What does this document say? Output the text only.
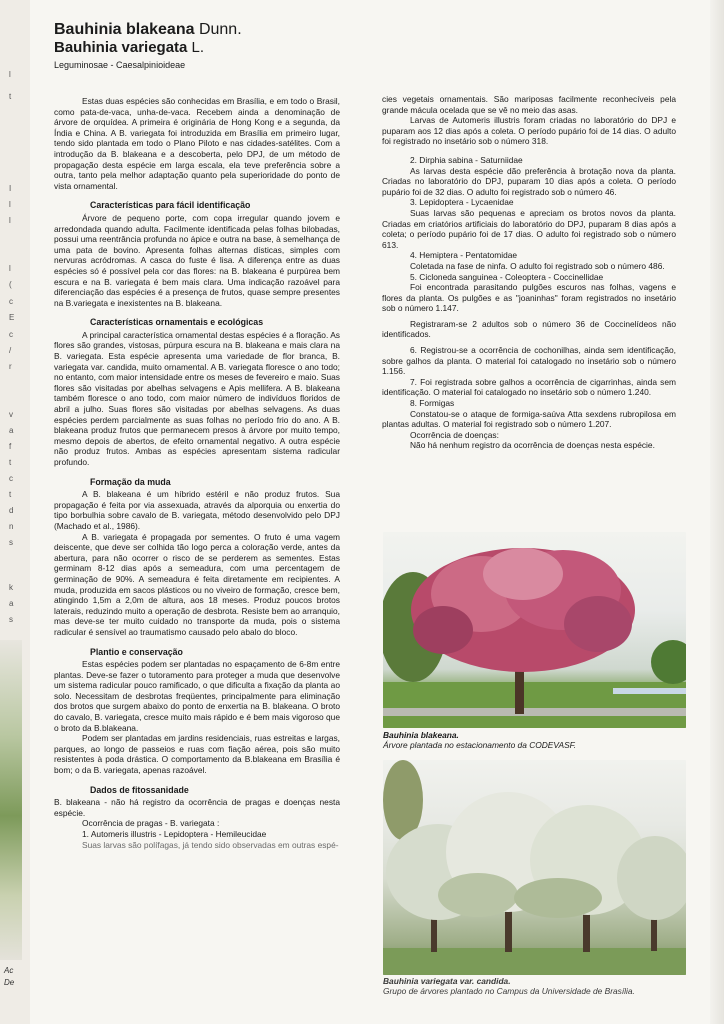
l
t
I
l
l
l
(
c
E
c
/
r
v
a
f
t
c
t
d
n
s
k
a
s
Ac
De

Bauhinia blakeana Dunn.

Bauhinia variegata L.

Leguminosae - Caesalpinioideae

Estas duas espécies são conhecidas em Brasília, e em todo o Brasil, como pata-de-vaca, unha-de-vaca. Recebem ainda a denominação de árvore de orquídea. A primeira é originária de Hong Kong e a segunda, da Índia e China. A B. variegata foi introduzida em Brasília em primeiro lugar, tendo sido plantada em todo o Plano Piloto e nas cidades-satélites. Com a introdução da B. blakeana e a descoberta, pelo DPJ, de um método de propagação desta espécie em larga escala, ela teve preferência sobre a outra, tanto pela melhor adaptação quanto pela superioridade do ponto de vista ornamental.

Características para fácil identificação

Árvore de pequeno porte, com copa irregular quando jovem e arredondada quando adulta. Facilmente identificada pelas folhas bilobadas, possui uma reentrância profunda no ápice e outra na base, à semelhança de uma pata de bovino. Apresenta folhas alternas dísticas, simples com nervuras acródromas. A casca do fuste é lisa. A diferença entre as duas espécies só é possível pela cor das flores: na B. blakeana é purpúrea bem escura e na B. variegata é bem mais clara. Uma indicação razoável para diferenciação das espécies é a presença de frutos, quase sempre presentes na B.variegata e inexistentes na B. blakeana.

Características ornamentais e ecológicas

A principal característica ornamental destas espécies é a floração. As flores são grandes, vistosas, púrpura escura na B. blakeana e mais clara na B. variegata. Esta espécie apresenta uma variedade de flor branca, B. variegata var. candida, muito ornamental. A B. variegata floresce o ano todo; no entanto, com maior intensidade entre os meses de fevereiro e maio. Suas flores são visitadas por abelhas selvagens e Apis mellifera. A B. blakeana também floresce o ano todo, com maior número de indivíduos floridos de abril a julho. Suas flores são visitadas por abelhas selvagens. As duas espécies perdem parcialmente as suas folhas no período frio do ano. A B. blakeana produz frutos que permanecem presos à árvore por muito tempo, mesmo depois de abertos, de efeito ornamental negativo. A outra espécie não produz frutos. Ambas as espécies apresentam sistema radicular profundo.

Formação da muda

A B. blakeana é um híbrido estéril e não produz frutos. Sua propagação é feita por via assexuada, através da alporquia ou enxertia do tipo borbulhia sobre cavalo de B. variegata, método desenvolvido pelo DPJ (Machado et al., 1986).

A B. variegata é propagada por sementes. O fruto é uma vagem deiscente, que deve ser colhida tão logo perca a coloração verde, antes da abertura, para não ocorrer o risco de se perderem as sementes. Estas germinam 8-12 dias após a semeadura, com uma percentagem de germinação de 90%. A semeadura é feita diretamente em recipientes. A muda, produzida em sacos plásticos ou no viveiro de formação, cresce bem, atingindo 1,5m a 2,0m de altura, aos 18 meses. Produz poucos brotos laterais, reduzindo muito a operação de desbrota. Resiste bem ao arranquio, mas deve-se ter muito cuidado no transporte da muda, pois o sistema radicular é sensível ao traumatismo causado pelo abalo do bloco.

Plantio e conservação

Estas espécies podem ser plantadas no espaçamento de 6-8m entre plantas. Deve-se fazer o tutoramento para proteger a muda que desenvolve um sistema radicular pouco ramificado, o que dificulta a fixação da planta ao solo. Necessitam de desbrotas freqüentes, principalmente para eliminação dos brotos que surgem abaixo do ponto de enxertia na B. blakeana. O broto do cavalo, B. variegata, cresce muito mais rápido e é bem mais vigoroso que o broto da B.blakeana.

Podem ser plantadas em jardins residenciais, ruas estreitas e largas, parques, ao longo de passeios e ruas com fiação aérea, pois são muito resistentes à poda drástica. O comportamento da B.blakeana em Brasília é bom; o da B. variegata, apenas razoável.

Dados de fitossanidade

B. blakeana - não há registro da ocorrência de pragas e doenças nesta espécie.

Ocorrência de pragas - B. variegata :

1. Automeris illustris - Lepidoptera - Hemileucidae

Suas larvas são polífagas, já tendo sido observadas em outras espé-

cies vegetais ornamentais. São mariposas facilmente reconhecíveis pela grande mácula ocelada que se vê no meio das asas.

Larvas de Automeris illustris foram criadas no laboratório do DPJ e puparam aos 12 dias após a coleta. O período pupário foi de 14 dias. O adulto foi registrado no insetário sob o número 318.

2. Dirphia sabina - Saturniidae

As larvas desta espécie dão preferência à brotação nova da planta. Criadas no laboratório do DPJ, puparam 10 dias após a coleta. O período pupário foi de 32 dias. O adulto foi registrado sob o número 46.

3. Lepidoptera - Lycaenidae

Suas larvas são pequenas e apreciam os brotos novos da planta. Criadas em criatórios artificiais do laboratório do DPJ, puparam 8 dias após a coleta; o período pupário foi de 17 dias. O adulto foi registrado sob o número 613.

4. Hemiptera - Pentatomidae

Coletada na fase de ninfa. O adulto foi registrado sob o número 486.

5. Cicloneda sanguinea - Coleoptera - Coccinellidae

Foi encontrada parasitando pulgões escuros nas folhas, vagens e flores da planta. Os pulgões e as "joaninhas" foram registrados no insetário sob o número 1.147.

Registraram-se 2 adultos sob o número 36 de Coccinelídeos não identificados.

6. Registrou-se a ocorrência de cochonilhas, ainda sem identificação, sobre galhos da planta. O material foi catalogado no insetário sob o número 1.156.

7. Foi registrada sobre galhos a ocorrência de cigarrinhas, ainda sem identificação. O material foi catalogado no insetário sob o número 1.240.

8. Formigas

Constatou-se o ataque de formiga-saúva Atta sexdens rubropilosa em plantas adultas. O material foi registrado sob o número 1.207.

Ocorrência de doenças:

Não há nenhum registro da ocorrência de doenças nesta espécie.

Bauhinia blakeana.
Árvore plantada no estacionamento da CODEVASF.
Bauhinia variegata var. candida.
Grupo de árvores plantado no Campus da Universidade de Brasília.
